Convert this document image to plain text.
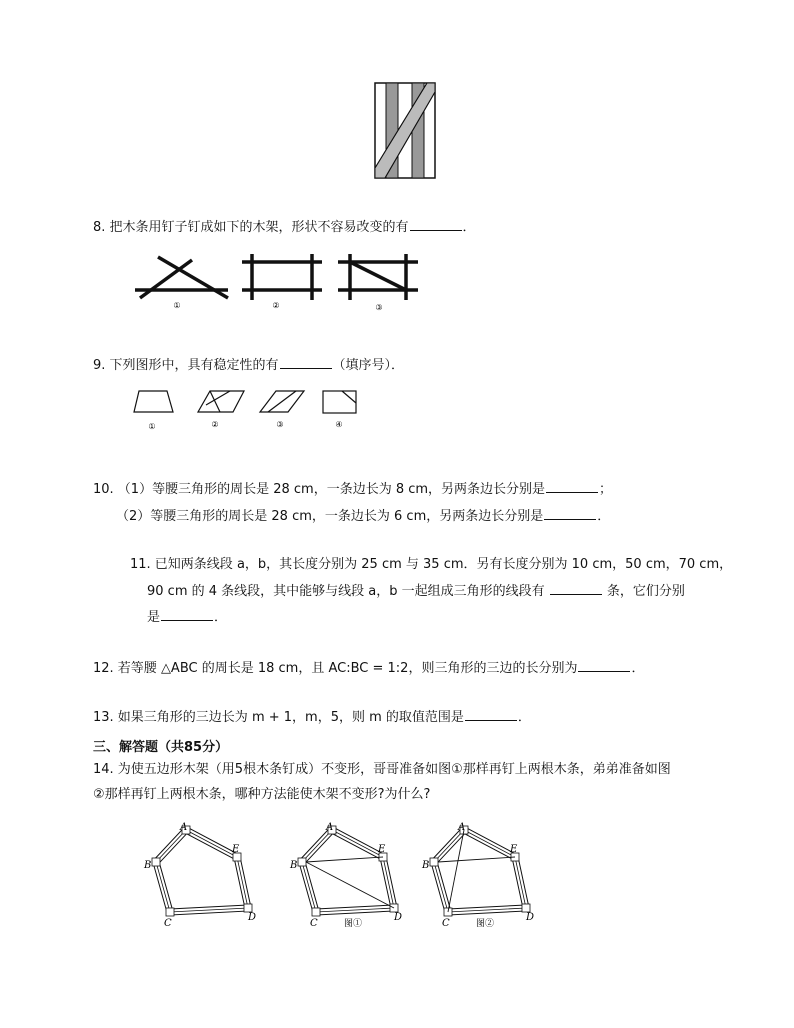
8. 把木条用钉子钉成如下的木架，形状不容易改变的有	．
①	②	③
9. 下列图形中，具有稳定性的有	（填序号）．
①	②	③	④
10. （1）等腰三角形的周长是 28 cm，一条边长为 8 cm，另两条边长分别是	；
（2）等腰三角形的周长是 28 cm，一条边长为 6 cm，另两条边长分别是	．
11. 已知两条线段 a，b，其长度分别为 25 cm 与 35 cm．另有长度分别为 10 cm，50 cm，70 cm，
90 cm 的 4 条线段，其中能够与线段 a，b 一起组成三角形的线段有	条，它们分别
是	．
12. 若等腰 △ABC 的周长是 18 cm，且 AC:BC = 1:2，则三角形的三边的长分别为	．
13. 如果三角形的三边长为 m + 1，m，5，则 m 的取值范围是	．
三、解答题（共85分）
14. 为使五边形木架（用5根木条钉成）不变形，哥哥准备如图①那样再钉上两根木条，弟弟准备如图
②那样再钉上两根木条，哪种方法能使木架不变形?为什么?
A
B
C
D
E
A
B
C
D
E
图①
A
B
C
D
E
图②
